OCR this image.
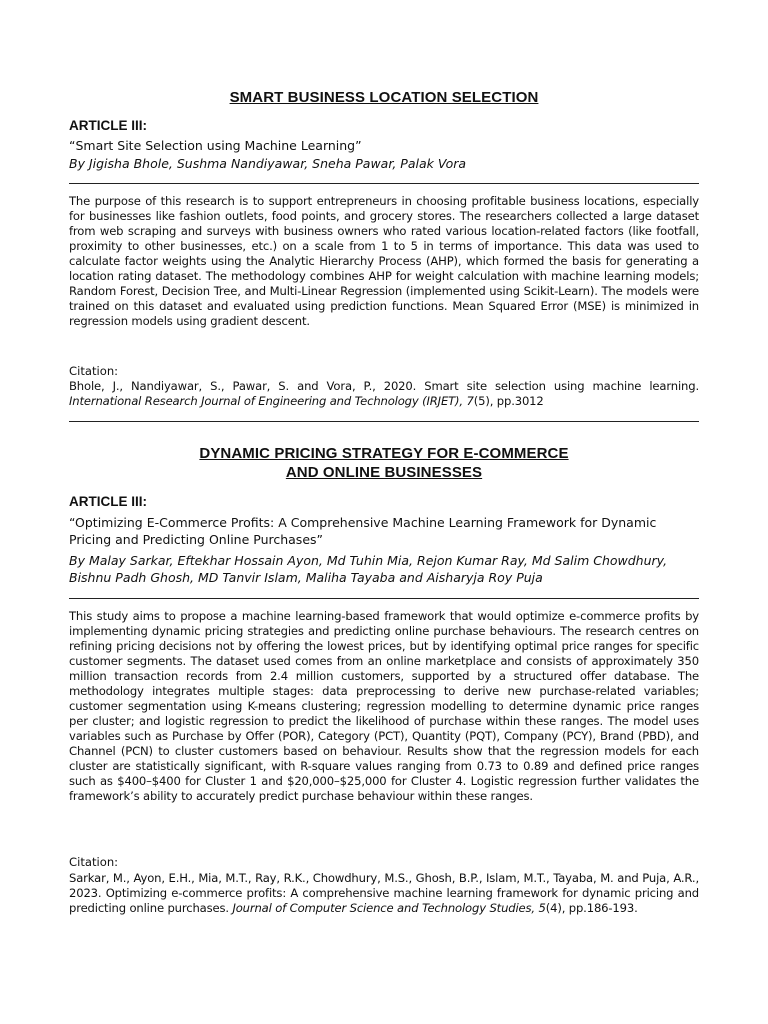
SMART BUSINESS LOCATION SELECTION

ARTICLE III:

“Smart Site Selection using Machine Learning”

By Jigisha Bhole, Sushma Nandiyawar, Sneha Pawar, Palak Vora

The purpose of this research is to support entrepreneurs in choosing profitable business locations, especially for businesses like fashion outlets, food points, and grocery stores. The researchers collected a large dataset from web scraping and surveys with business owners who rated various location-related factors (like footfall, proximity to other businesses, etc.) on a scale from 1 to 5 in terms of importance. This data was used to calculate factor weights using the Analytic Hierarchy Process (AHP), which formed the basis for generating a location rating dataset. The methodology combines AHP for weight calculation with machine learning models; Random Forest, Decision Tree, and Multi-Linear Regression (implemented using Scikit-Learn). The models were trained on this dataset and evaluated using prediction functions. Mean Squared Error (MSE) is minimized in regression models using gradient descent.

Citation:

Bhole, J., Nandiyawar, S., Pawar, S. and Vora, P., 2020. Smart site selection using machine learning. International Research Journal of Engineering and Technology (IRJET), 7(5), pp.3012

DYNAMIC PRICING STRATEGY FOR E-COMMERCE
AND ONLINE BUSINESSES

ARTICLE III:

“Optimizing E-Commerce Profits: A Comprehensive Machine Learning Framework for Dynamic Pricing and Predicting Online Purchases”

By Malay Sarkar, Eftekhar Hossain Ayon, Md Tuhin Mia, Rejon Kumar Ray, Md Salim Chowdhury, Bishnu Padh Ghosh, MD Tanvir Islam, Maliha Tayaba and Aisharyja Roy Puja

This study aims to propose a machine learning-based framework that would optimize e-commerce profits by implementing dynamic pricing strategies and predicting online purchase behaviours. The research centres on refining pricing decisions not by offering the lowest prices, but by identifying optimal price ranges for specific customer segments. The dataset used comes from an online marketplace and consists of approximately 350 million transaction records from 2.4 million customers, supported by a structured offer database. The methodology integrates multiple stages: data preprocessing to derive new purchase-related variables; customer segmentation using K-means clustering; regression modelling to determine dynamic price ranges per cluster; and logistic regression to predict the likelihood of purchase within these ranges. The model uses variables such as Purchase by Offer (POR), Category (PCT), Quantity (PQT), Company (PCY), Brand (PBD), and Channel (PCN) to cluster customers based on behaviour. Results show that the regression models for each cluster are statistically significant, with R-square values ranging from 0.73 to 0.89 and defined price ranges such as $400–$400 for Cluster 1 and $20,000–$25,000 for Cluster 4. Logistic regression further validates the framework’s ability to accurately predict purchase behaviour within these ranges.

Citation:

Sarkar, M., Ayon, E.H., Mia, M.T., Ray, R.K., Chowdhury, M.S., Ghosh, B.P., Islam, M.T., Tayaba, M. and Puja, A.R., 2023. Optimizing e-commerce profits: A comprehensive machine learning framework for dynamic pricing and predicting online purchases. Journal of Computer Science and Technology Studies, 5(4), pp.186-193.
